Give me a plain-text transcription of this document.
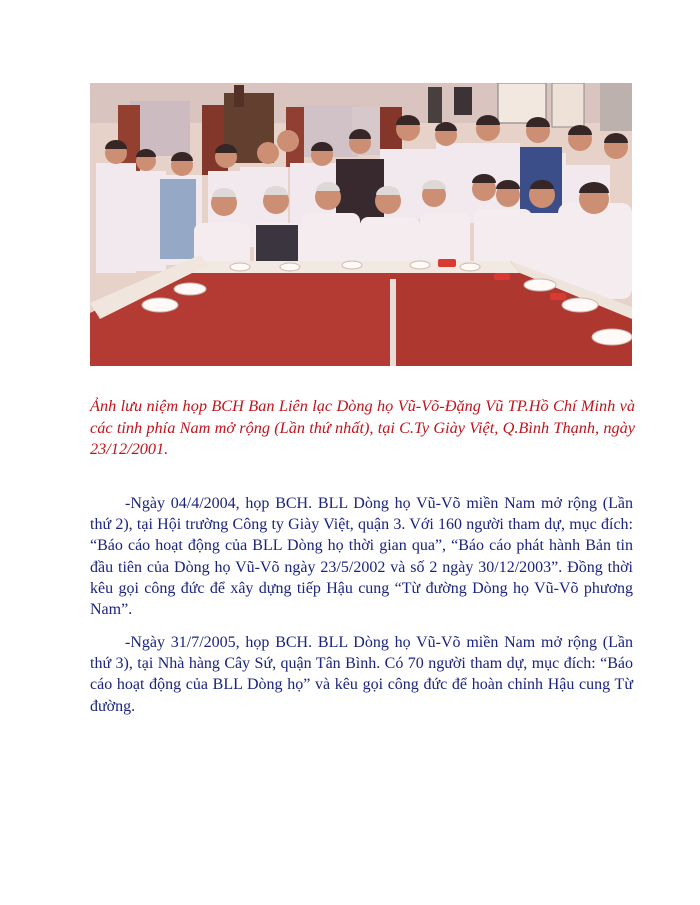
Ảnh lưu niệm họp BCH Ban Liên lạc Dòng họ Vũ-Võ-Đặng Vũ TP.Hồ Chí Minh và các tỉnh phía Nam mở rộng (Lần thứ nhất), tại C.Ty Giày Việt, Q.Bình Thạnh, ngày 23/12/2001.

-Ngày 04/4/2004, họp BCH. BLL Dòng họ Vũ-Võ miền Nam mở rộng (Lần thứ 2), tại Hội trường Công ty Giày Việt, quận 3. Với 160 người tham dự, mục đích: “Báo cáo hoạt động của BLL Dòng họ thời gian qua”, “Báo cáo phát hành Bản tin đầu tiên của Dòng họ Vũ-Võ ngày 23/5/2002 và số 2 ngày 30/12/2003”. Đồng thời kêu gọi công đức để xây dựng tiếp Hậu cung “Từ đường Dòng họ Vũ-Võ phương Nam”.

-Ngày 31/7/2005, họp BCH. BLL Dòng họ Vũ-Võ miền Nam mở rộng (Lần thứ 3), tại Nhà hàng Cây Sứ, quận Tân Bình. Có 70 người tham dự, mục đích: “Báo cáo hoạt động của BLL Dòng họ” và kêu gọi công đức để hoàn chỉnh Hậu cung Từ đường.
